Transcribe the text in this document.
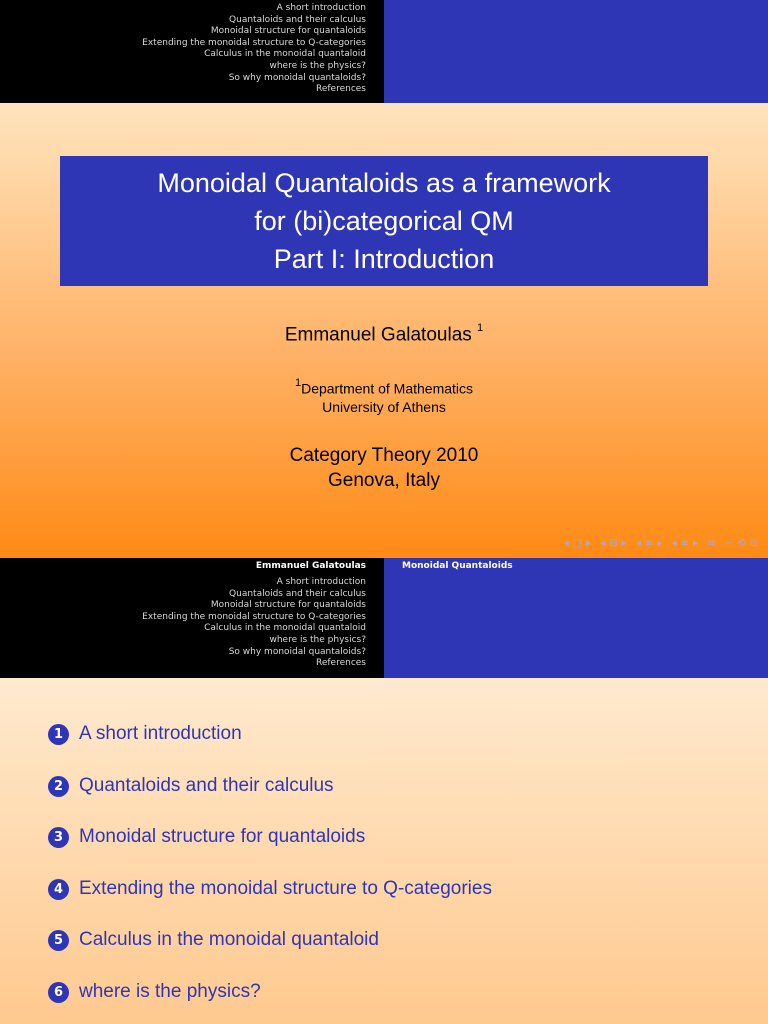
A short introduction
Quantaloids and their calculus
Monoidal structure for quantaloids
Extending the monoidal structure to Q-categories
Calculus in the monoidal quantaloid
where is the physics?
So why monoidal quantaloids?
References
Monoidal Quantaloids as a framework
for (bi)categorical QM
Part I: Introduction
Emmanuel Galatoulas $^1$
$^1$Department of Mathematics
University of Athens
Category Theory 2010
Genova, Italy
◂ □ ▸ ◂ ⊟ ▸ ◂ ≡ ▸ ◂ ≡ ▸ ≡ ∽ ⟲ ⊙
Emmanuel Galatoulas
A short introduction
Quantaloids and their calculus
Monoidal structure for quantaloids
Extending the monoidal structure to Q-categories
Calculus in the monoidal quantaloid
where is the physics?
So why monoidal quantaloids?
References
Monoidal Quantaloids
1 A short introduction
2 Quantaloids and their calculus
3 Monoidal structure for quantaloids
4 Extending the monoidal structure to Q-categories
5 Calculus in the monoidal quantaloid
6 where is the physics?
